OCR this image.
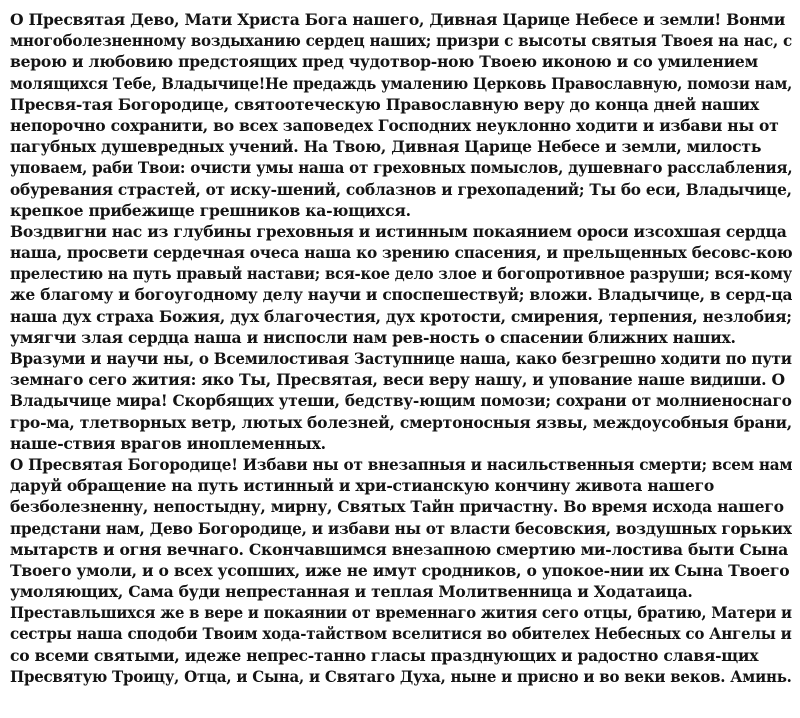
О Пресвятая Дево, Мати Христа Бога нашего, Дивная Царице Небесе и земли! Вонми
многоболезненному воздыханию сердец наших; призри с высоты святыя Твоея на нас, с
верою и любовию предстоящих пред чудотвор-ною Твоею иконою и со умилением
молящихся Тебе, Владычице!Не предаждь умалению Церковь Православную, помози нам,
Пресвя-тая Богородице, святоотеческую Православную веру до конца дней наших
непорочно сохранити, во всех заповедех Господних неуклонно ходити и избави ны от
пагубных душевредных учений. На Твою, Дивная Царице Небесе и земли, милость
уповаем, раби Твои: очисти умы наша от греховных помыслов, душевнаго расслабления,
обуревания страстей, от иску-шений, соблазнов и грехопадений; Ты бо еси, Владычице,
крепкое прибежище грешников ка-ющихся.
Воздвигни нас из глубины греховныя и истинным покаянием ороси изсохшая сердца
наша, просвети сердечная очеса наша ко зрению спасения, и прельщенных бесовс-кою
прелестию на путь правый настави; вся-кое дело злое и богопротивное разруши; вся-кому
же благому и богоугодному делу научи и споспешествуй; вложи. Владычице, в серд-ца
наша дух страха Божия, дух благочестия, дух кротости, смирения, терпения, незлобия;
умягчи злая сердца наша и ниспосли нам рев-ность о спасении ближних наших.
Вразуми и научи ны, о Всемилостивая Заступнице наша, како безгрешно ходити по пути
земнаго сего жития: яко Ты, Пресвятая, веси веру нашу, и упование наше видиши. О
Владычице мира! Скорбящих утеши, бедству-ющим помози; сохрани от молниеноснаго
гро-ма, тлетворных ветр, лютых болезней, смертоносныя язвы, междоусобныя брани,
наше-ствия врагов иноплеменных.
О Пресвятая Богородице! Избави ны от внезапныя и насильственныя смерти; всем нам
даруй обращение на путь истинный и хри-стианскую кончину живота нашего
безболезненну, непостыдну, мирну, Святых Тайн причастну. Во время исхода нашего
предстани нам, Дево Богородице, и избави ны от власти бесовския, воздушных горьких
мытарств и огня вечнаго. Скончавшимся внезапною смертию ми-лостива быти Сына
Твоего умоли, и о всех усопших, иже не имут сродников, о упокое-нии их Сына Твоего
умоляющих, Сама буди непрестанная и теплая Молитвенница и Ходатаица.
Преставльшихся же в вере и покаянии от временнаго жития сего отцы, братию, Матери и
сестры наша сподоби Твоим хода-тайством вселитися во обителех Небесных со Ангелы и
со всеми святыми, идеже непрес-танно гласы празднующих и радостно славя-щих
Пресвятую Троицу, Отца, и Сына, и Святаго Духа, ныне и присно и во веки веков. Аминь.
